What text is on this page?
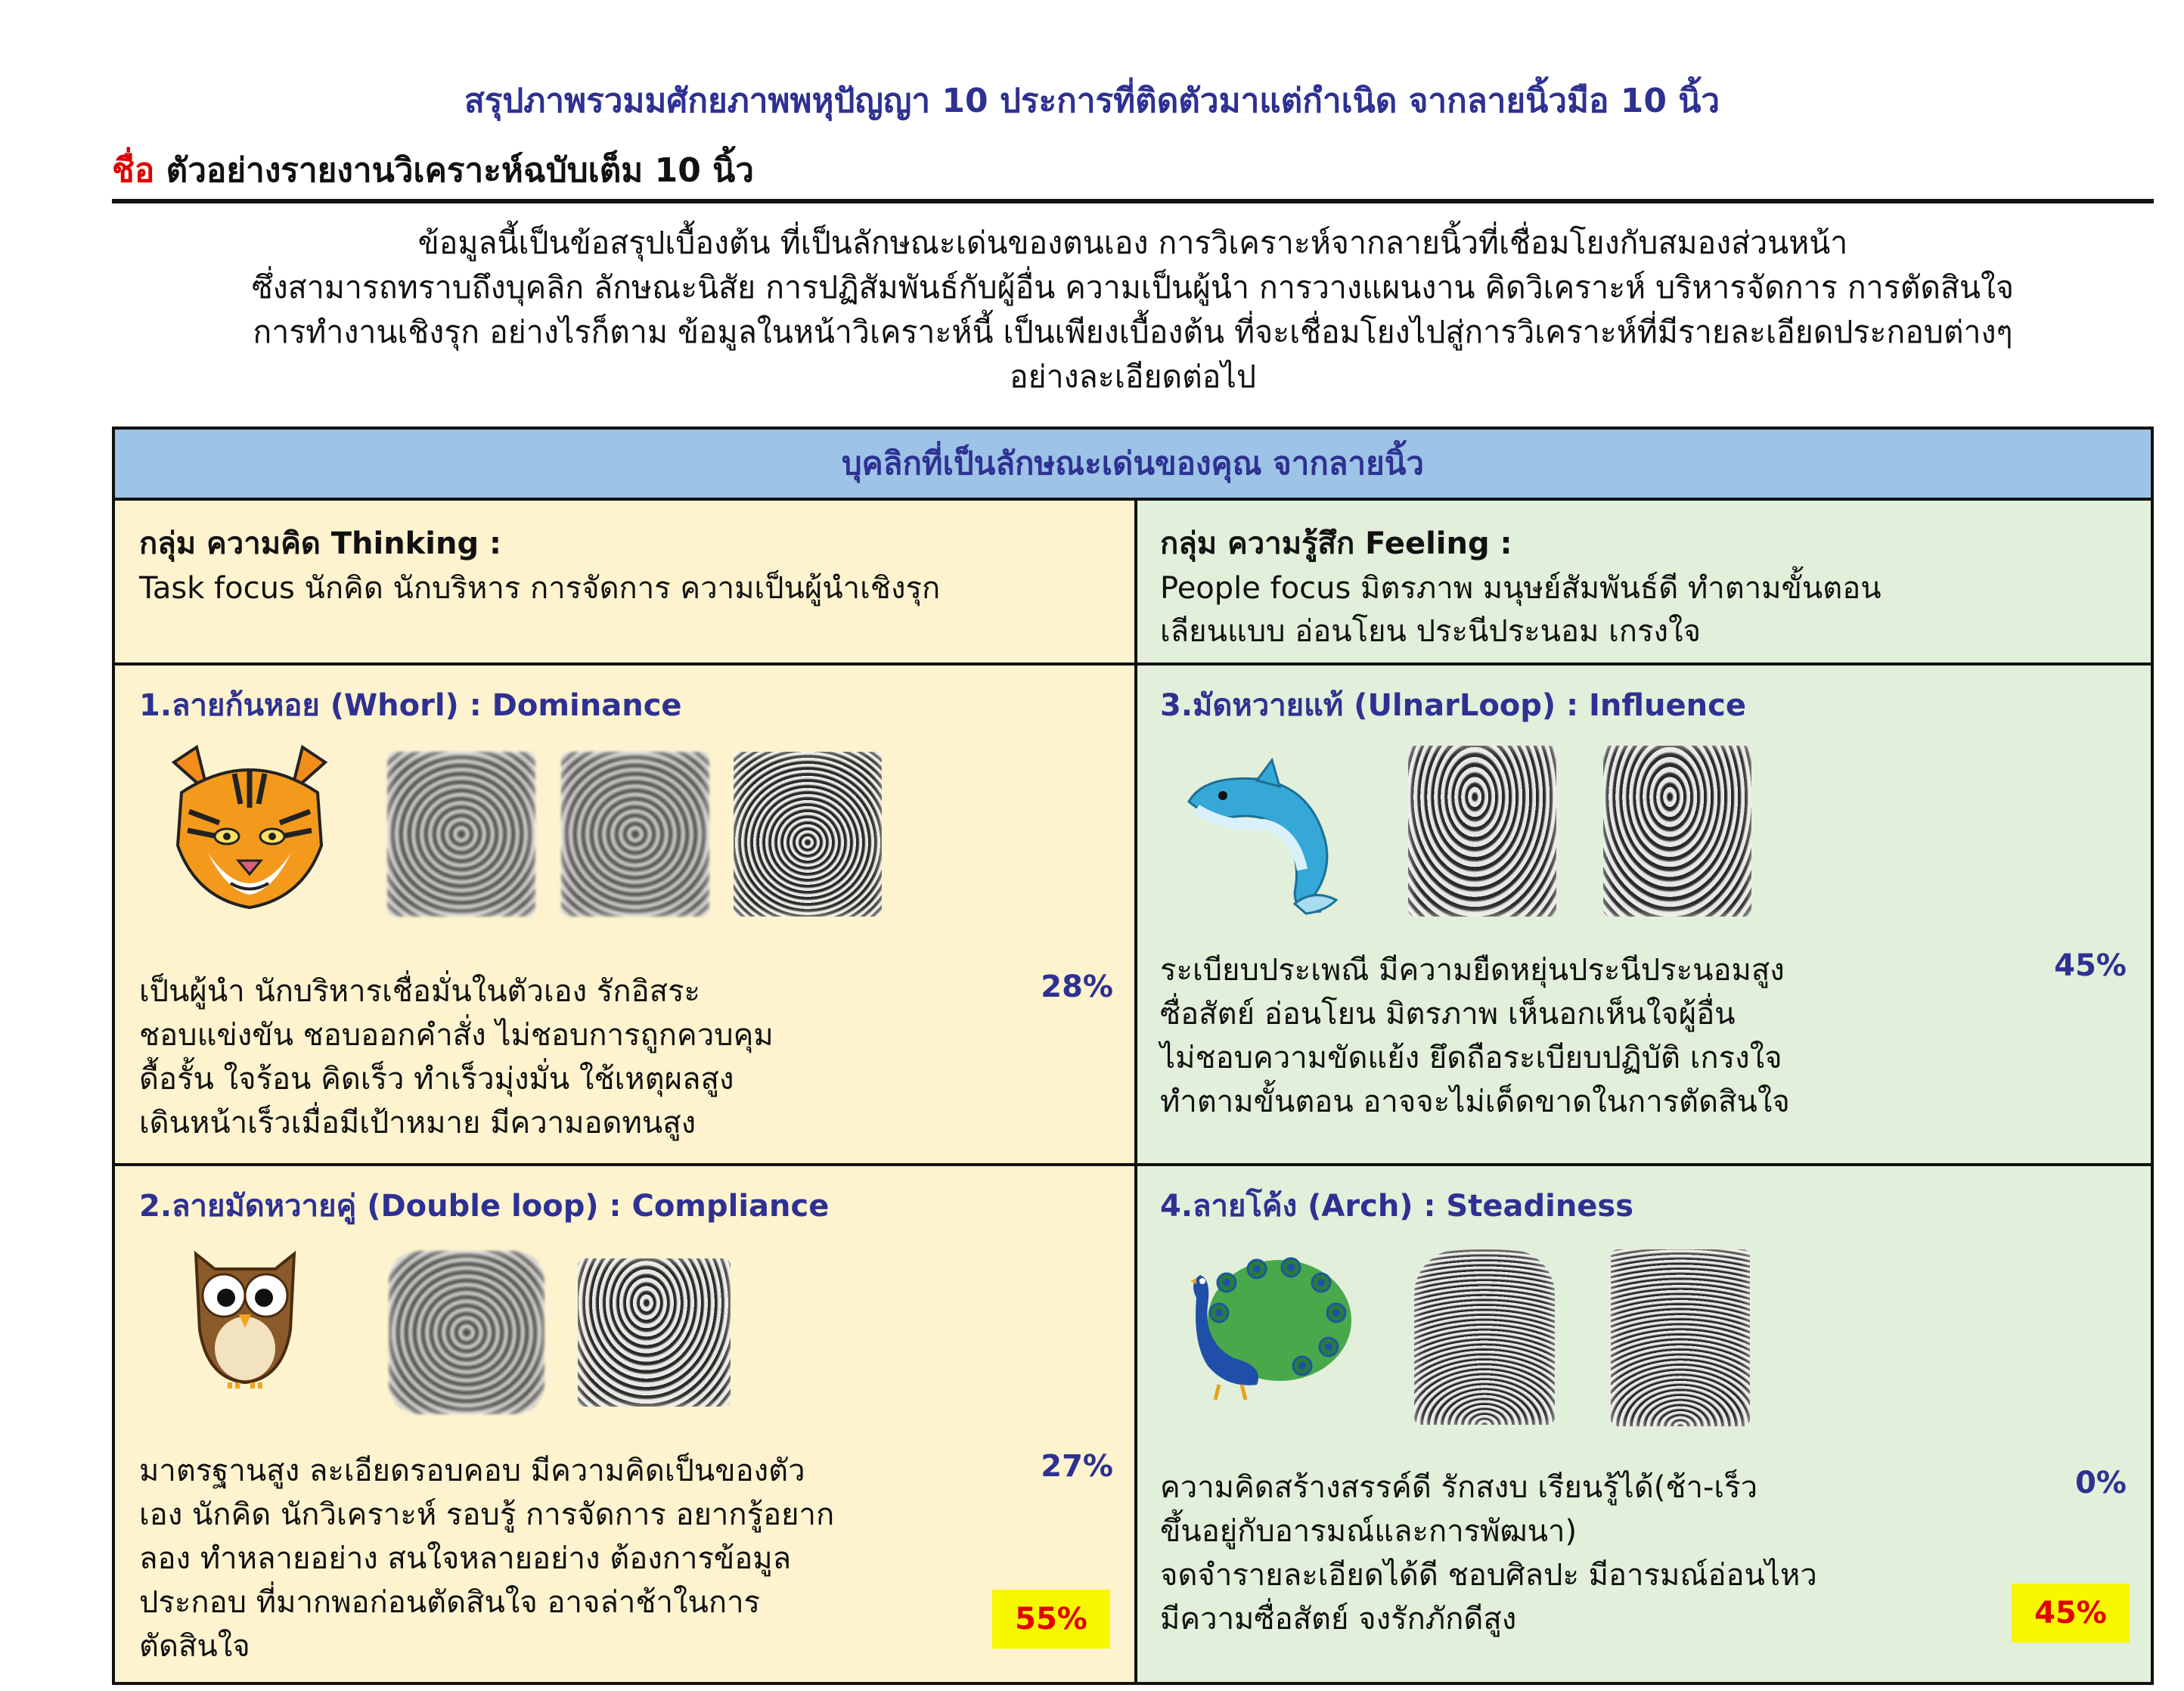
สรุปภาพรวมมศักยภาพพหุปัญญา 10 ประการที่ติดตัวมาแต่กำเนิด จากลายนิ้วมือ 10 นิ้ว
ชื่อ ตัวอย่างรายงานวิเคราะห์ฉบับเต็ม 10 นิ้ว
ข้อมูลนี้เป็นข้อสรุปเบื้องต้น ที่เป็นลักษณะเด่นของตนเอง การวิเคราะห์จากลายนิ้วที่เชื่อมโยงกับสมองส่วนหน้า
ซึ่งสามารถทราบถึงบุคลิก ลักษณะนิสัย การปฏิสัมพันธ์กับผู้อื่น ความเป็นผู้นำ การวางแผนงาน คิดวิเคราะห์ บริหารจัดการ การตัดสินใจ
การทำงานเชิงรุก อย่างไรก็ตาม ข้อมูลในหน้าวิเคราะห์นี้ เป็นเพียงเบื้องต้น ที่จะเชื่อมโยงไปสู่การวิเคราะห์ที่มีรายละเอียดประกอบต่างๆ
อย่างละเอียดต่อไป
บุคลิกที่เป็นลักษณะเด่นของคุณ จากลายนิ้ว
กลุ่ม ความคิด Thinking :
Task focus นักคิด นักบริหาร การจัดการ ความเป็นผู้นำเชิงรุก
กลุ่ม ความรู้สึก Feeling :
People focus มิตรภาพ มนุษย์สัมพันธ์ดี ทำตามขั้นตอน
เลียนแบบ อ่อนโยน ประนีประนอม เกรงใจ
1.ลายก้นหอย (Whorl) : Dominance
เป็นผู้นำ นักบริหารเชื่อมั่นในตัวเอง รักอิสระ
ชอบแข่งขัน ชอบออกคำสั่ง ไม่ชอบการถูกควบคุม
ดื้อรั้น ใจร้อน คิดเร็ว ทำเร็วมุ่งมั่น ใช้เหตุผลสูง
เดินหน้าเร็วเมื่อมีเป้าหมาย มีความอดทนสูง
28%
3.มัดหวายแท้ (UlnarLoop) : Influence
ระเบียบประเพณี มีความยืดหยุ่นประนีประนอมสูง
ซื่อสัตย์ อ่อนโยน มิตรภาพ เห็นอกเห็นใจผู้อื่น
ไม่ชอบความขัดแย้ง ยึดถือระเบียบปฏิบัติ เกรงใจ
ทำตามขั้นตอน อาจจะไม่เด็ดขาดในการตัดสินใจ
45%
2.ลายมัดหวายคู่ (Double loop) : Compliance
มาตรฐานสูง ละเอียดรอบคอบ มีความคิดเป็นของตัว
เอง นักคิด นักวิเคราะห์ รอบรู้ การจัดการ อยากรู้อยาก
ลอง ทำหลายอย่าง สนใจหลายอย่าง ต้องการข้อมูล
ประกอบ ที่มากพอก่อนตัดสินใจ อาจล่าช้าในการ
ตัดสินใจ
27%
55%
4.ลายโค้ง (Arch) : Steadiness
ความคิดสร้างสรรค์ดี รักสงบ เรียนรู้ได้(ช้า-เร็ว
ขึ้นอยู่กับอารมณ์และการพัฒนา)
จดจำรายละเอียดได้ดี ชอบศิลปะ มีอารมณ์อ่อนไหว
มีความซื่อสัตย์ จงรักภักดีสูง
0%
45%
